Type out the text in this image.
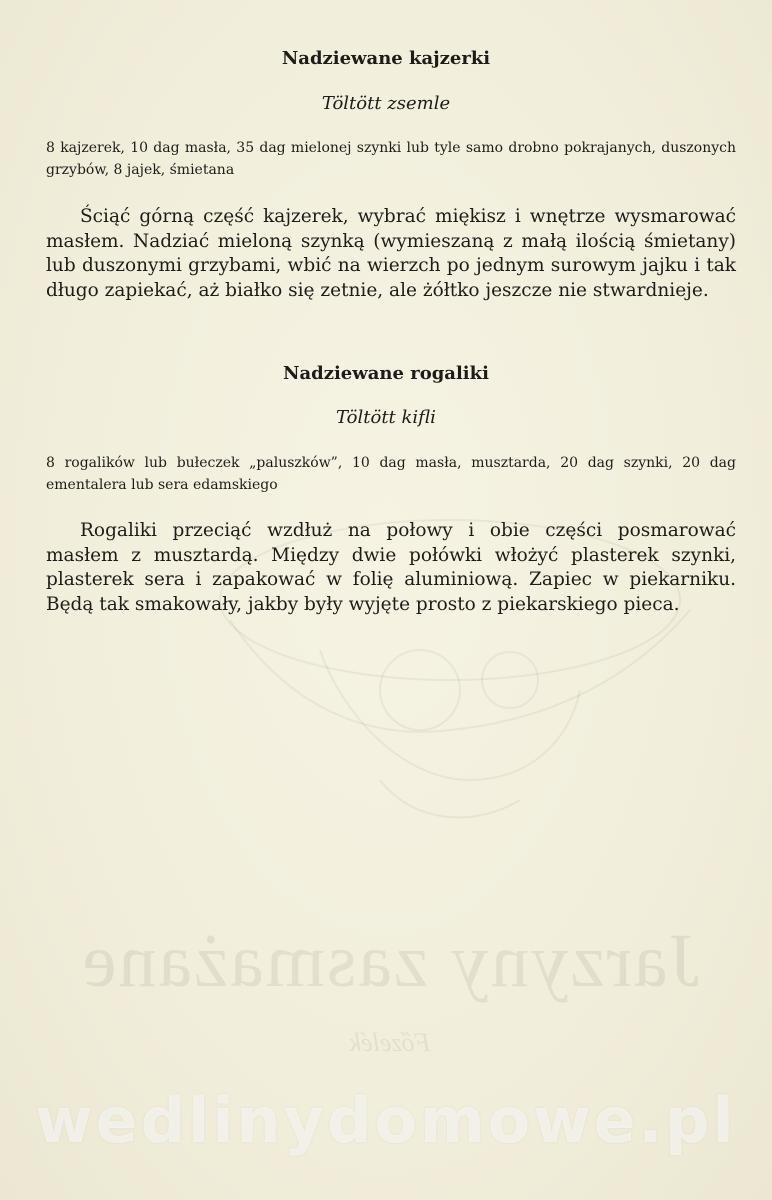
Jarzyny zasmażane
Főzelék
Nadziewane kajzerki
Töltött zsemle
8 kajzerek, 10 dag masła, 35 dag mielonej szynki lub tyle samo drobno pokrajanych, duszonych grzybów, 8 jajek, śmietana
Ściąć górną część kajzerek, wybrać miękisz i wnętrze wysmarować masłem. Nadziać mieloną szynką (wymieszaną z małą ilością śmietany) lub duszonymi grzybami, wbić na wierzch po jednym surowym jajku i tak długo zapiekać, aż białko się zetnie, ale żółtko jeszcze nie stwardnieje.
Nadziewane rogaliki
Töltött kifli
8 rogalików lub bułeczek „paluszków”, 10 dag masła, musztarda, 20 dag szynki, 20 dag ementalera lub sera edamskiego
Rogaliki przeciąć wzdłuż na połowy i obie części posmarować masłem z musztardą. Między dwie połówki włożyć plasterek szynki, plasterek sera i zapakować w folię aluminiową. Zapiec w piekarniku. Będą tak smakowały, jakby były wyjęte prosto z piekarskiego pieca.
wedlinydomowe.pl
